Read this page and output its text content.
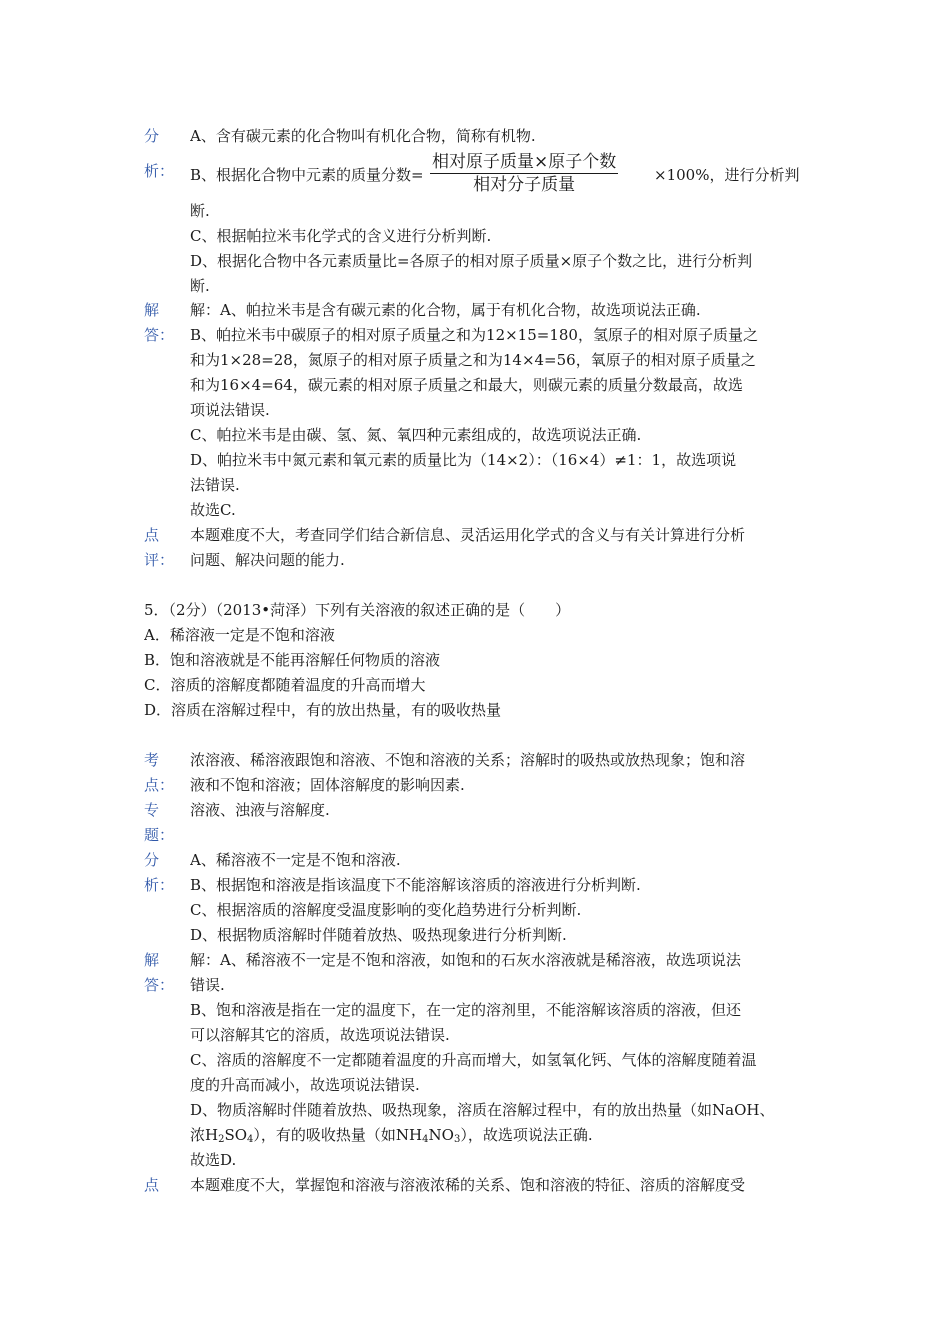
分
析：
A、含有碳元素的化合物叫有机化合物，简称有机物.
B、根据化合物中元素的质量分数=
相对原子质量×原子个数
相对分子质量	×100%，进行分析判
断.
C、根据帕拉米韦化学式的含义进行分析判断.
D、根据化合物中各元素质量比=各原子的相对原子质量×原子个数之比，进行分析判
断.
解
答：
解：A、帕拉米韦是含有碳元素的化合物，属于有机化合物，故选项说法正确.
B、帕拉米韦中碳原子的相对原子质量之和为12×15=180，氢原子的相对原子质量之
和为1×28=28，氮原子的相对原子质量之和为14×4=56，氧原子的相对原子质量之
和为16×4=64，碳元素的相对原子质量之和最大，则碳元素的质量分数最高，故选
项说法错误.
C、帕拉米韦是由碳、氢、氮、氧四种元素组成的，故选项说法正确.
D、帕拉米韦中氮元素和氧元素的质量比为（14×2）：（16×4）≠1：1，故选项说
法错误.
故选C.
点
评：
本题难度不大，考查同学们结合新信息、灵活运用化学式的含义与有关计算进行分析
问题、解决问题的能力.
5．（2分）（2013•菏泽）下列有关溶液的叙述正确的是（　　）
A．稀溶液一定是不饱和溶液
B．饱和溶液就是不能再溶解任何物质的溶液
C．溶质的溶解度都随着温度的升高而增大
D．溶质在溶解过程中，有的放出热量，有的吸收热量
考
点：
浓溶液、稀溶液跟饱和溶液、不饱和溶液的关系；溶解时的吸热或放热现象；饱和溶
液和不饱和溶液；固体溶解度的影响因素.
专
题：
溶液、浊液与溶解度.
分
析：
A、稀溶液不一定是不饱和溶液.
B、根据饱和溶液是指该温度下不能溶解该溶质的溶液进行分析判断.
C、根据溶质的溶解度受温度影响的变化趋势进行分析判断.
D、根据物质溶解时伴随着放热、吸热现象进行分析判断.
解
答：
解：A、稀溶液不一定是不饱和溶液，如饱和的石灰水溶液就是稀溶液，故选项说法
错误.
B、饱和溶液是指在一定的温度下，在一定的溶剂里，不能溶解该溶质的溶液，但还
可以溶解其它的溶质，故选项说法错误.
C、溶质的溶解度不一定都随着温度的升高而增大，如氢氧化钙、气体的溶解度随着温
度的升高而减小，故选项说法错误.
D、物质溶解时伴随着放热、吸热现象，溶质在溶解过程中，有的放出热量（如NaOH、
浓$H_2SO_4$），有的吸收热量（如$NH_4NO_3$），故选项说法正确.
故选D.
点	本题难度不大，掌握饱和溶液与溶液浓稀的关系、饱和溶液的特征、溶质的溶解度受
